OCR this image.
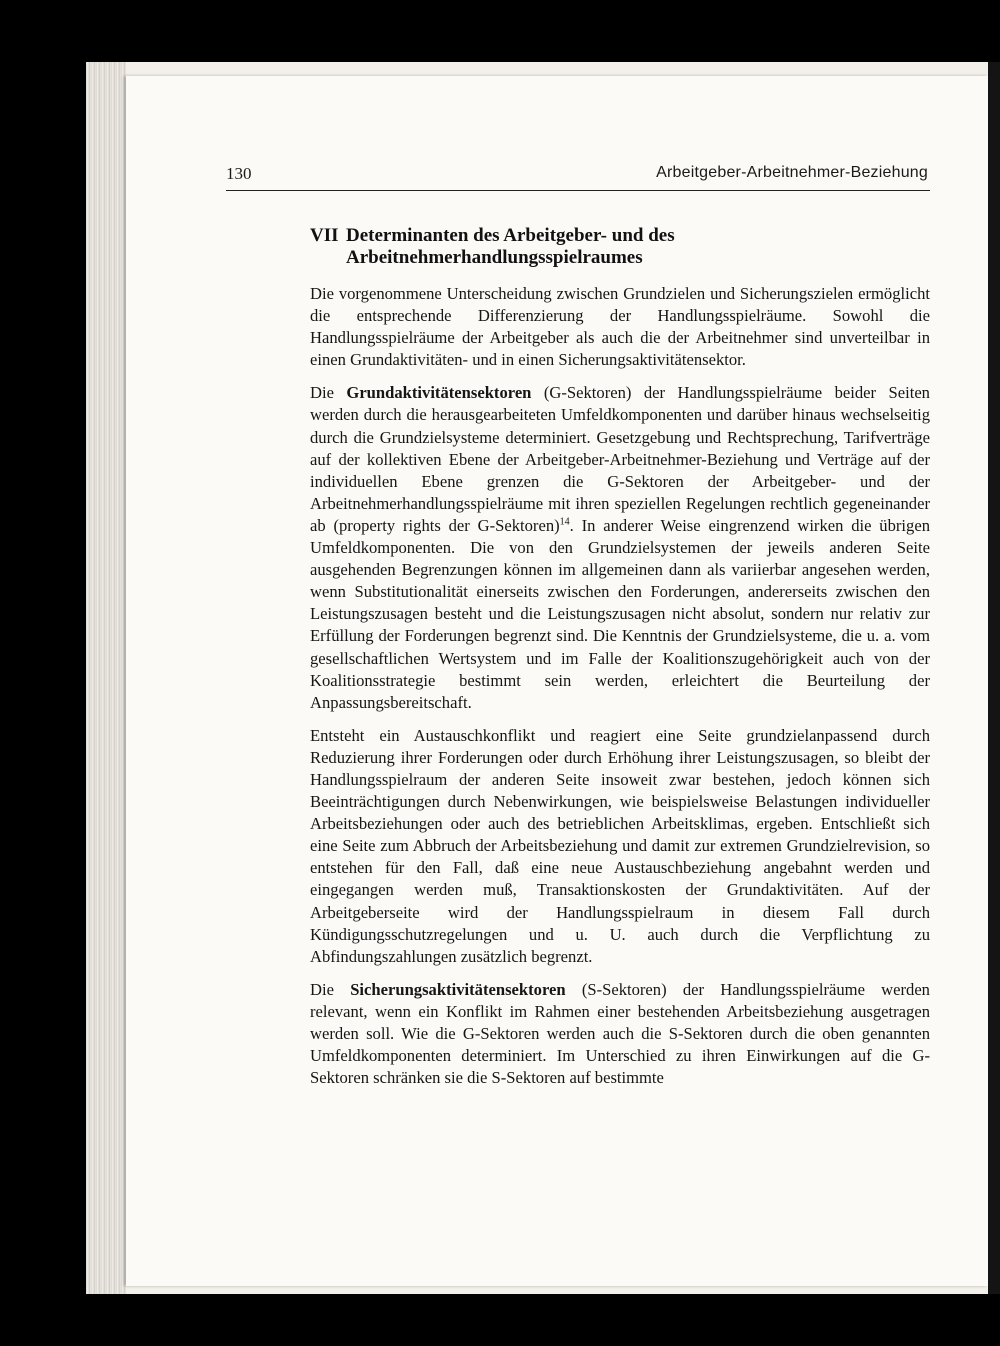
130	Arbeitgeber-Arbeitnehmer-Beziehung
VII Determinanten des Arbeitgeber- und des Arbeitnehmerhandlungsspielraumes

Die vorgenommene Unterscheidung zwischen Grundzielen und Sicherungszielen ermöglicht die entsprechende Differenzierung der Handlungsspielräume. Sowohl die Handlungsspielräume der Arbeitgeber als auch die der Arbeitnehmer sind unverteilbar in einen Grundaktivitäten- und in einen Sicherungsaktivitätensektor.

Die Grundaktivitätensektoren (G-Sektoren) der Handlungsspielräume beider Seiten werden durch die herausgearbeiteten Umfeldkomponenten und darüber hinaus wechselseitig durch die Grundzielsysteme determiniert. Gesetzgebung und Rechtsprechung, Tarifverträge auf der kollektiven Ebene der Arbeitgeber-Arbeitnehmer-Beziehung und Verträge auf der individuellen Ebene grenzen die G-Sektoren der Arbeitgeber- und der Arbeitnehmerhandlungsspielräume mit ihren speziellen Regelungen rechtlich gegeneinander ab (property rights der G-Sektoren)$^{14}$. In anderer Weise eingrenzend wirken die übrigen Umfeldkomponenten. Die von den Grundzielsystemen der jeweils anderen Seite ausgehenden Begrenzungen können im allgemeinen dann als variierbar angesehen werden, wenn Substitutionalität einerseits zwischen den Forderungen, andererseits zwischen den Leistungszusagen besteht und die Leistungszusagen nicht absolut, sondern nur relativ zur Erfüllung der Forderungen begrenzt sind. Die Kenntnis der Grundzielsysteme, die u. a. vom gesellschaftlichen Wertsystem und im Falle der Koalitionszugehörigkeit auch von der Koalitionsstrategie bestimmt sein werden, erleichtert die Beurteilung der Anpassungsbereitschaft.

Entsteht ein Austauschkonflikt und reagiert eine Seite grundzielanpassend durch Reduzierung ihrer Forderungen oder durch Erhöhung ihrer Leistungszusagen, so bleibt der Handlungsspielraum der anderen Seite insoweit zwar bestehen, jedoch können sich Beeinträchtigungen durch Nebenwirkungen, wie beispielsweise Belastungen individueller Arbeitsbeziehungen oder auch des betrieblichen Arbeitsklimas, ergeben. Entschließt sich eine Seite zum Abbruch der Arbeitsbeziehung und damit zur extremen Grundzielrevision, so entstehen für den Fall, daß eine neue Austauschbeziehung angebahnt werden und eingegangen werden muß, Transaktionskosten der Grundaktivitäten. Auf der Arbeitgeberseite wird der Handlungsspielraum in diesem Fall durch Kündigungsschutzregelungen und u. U. auch durch die Verpflichtung zu Abfindungszahlungen zusätzlich begrenzt.

Die Sicherungsaktivitätensektoren (S-Sektoren) der Handlungsspielräume werden relevant, wenn ein Konflikt im Rahmen einer bestehenden Arbeitsbeziehung ausgetragen werden soll. Wie die G-Sektoren werden auch die S-Sektoren durch die oben genannten Umfeldkomponenten determiniert. Im Unterschied zu ihren Einwirkungen auf die G-Sektoren schränken sie die S-Sektoren auf bestimmte
